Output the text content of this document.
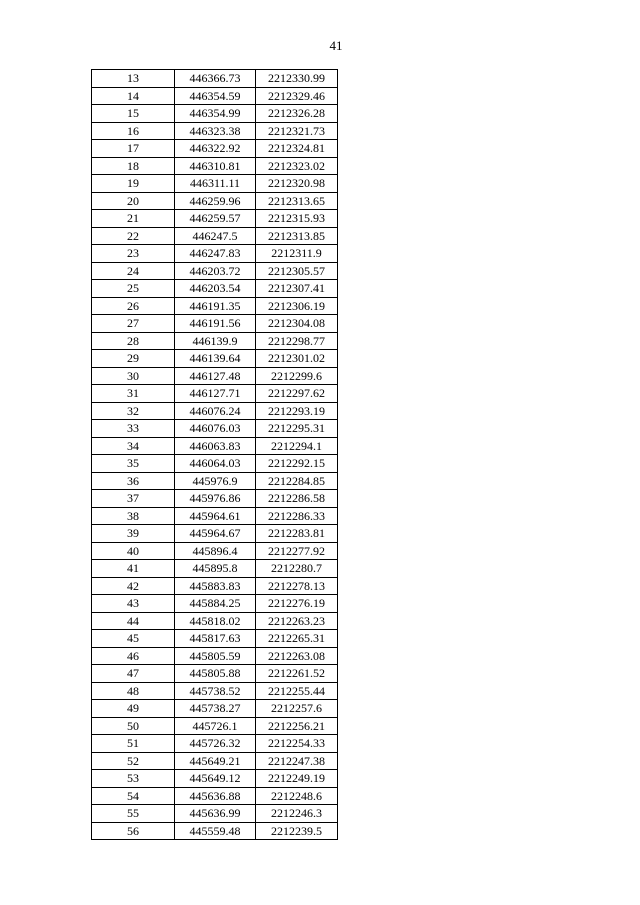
41
13	446366.73	2212330.99
14	446354.59	2212329.46
15	446354.99	2212326.28
16	446323.38	2212321.73
17	446322.92	2212324.81
18	446310.81	2212323.02
19	446311.11	2212320.98
20	446259.96	2212313.65
21	446259.57	2212315.93
22	446247.5	2212313.85
23	446247.83	2212311.9
24	446203.72	2212305.57
25	446203.54	2212307.41
26	446191.35	2212306.19
27	446191.56	2212304.08
28	446139.9	2212298.77
29	446139.64	2212301.02
30	446127.48	2212299.6
31	446127.71	2212297.62
32	446076.24	2212293.19
33	446076.03	2212295.31
34	446063.83	2212294.1
35	446064.03	2212292.15
36	445976.9	2212284.85
37	445976.86	2212286.58
38	445964.61	2212286.33
39	445964.67	2212283.81
40	445896.4	2212277.92
41	445895.8	2212280.7
42	445883.83	2212278.13
43	445884.25	2212276.19
44	445818.02	2212263.23
45	445817.63	2212265.31
46	445805.59	2212263.08
47	445805.88	2212261.52
48	445738.52	2212255.44
49	445738.27	2212257.6
50	445726.1	2212256.21
51	445726.32	2212254.33
52	445649.21	2212247.38
53	445649.12	2212249.19
54	445636.88	2212248.6
55	445636.99	2212246.3
56	445559.48	2212239.5
